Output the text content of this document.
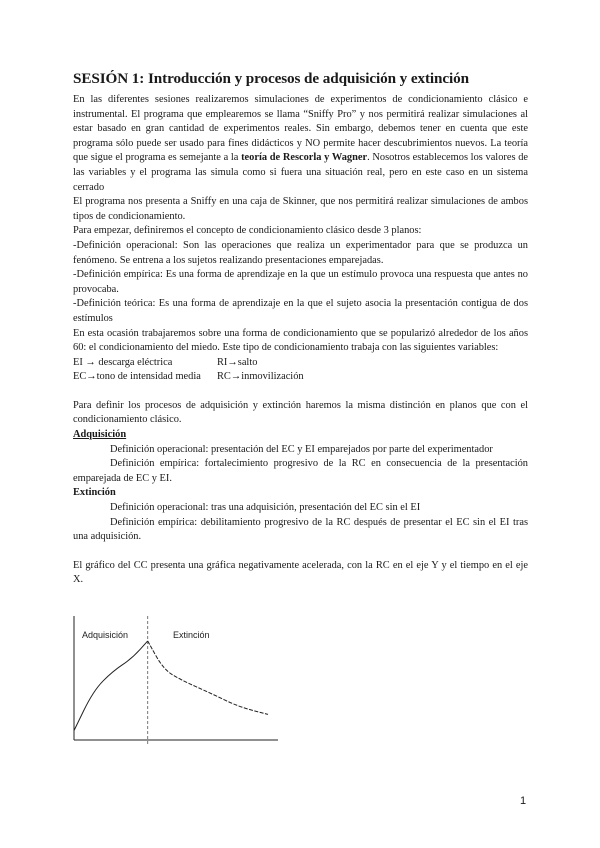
SESIÓN 1: Introducción y procesos de adquisición y extinción

En las diferentes sesiones realizaremos simulaciones de experimentos de condicionamiento clásico e instrumental. El programa que emplearemos se llama “Sniffy Pro” y nos permitirá realizar simulaciones al estar basado en gran cantidad de experimentos reales. Sin embargo, debemos tener en cuenta que este programa sólo puede ser usado para fines didácticos y NO permite hacer descubrimientos nuevos. La teoría que sigue el programa es semejante a la teoría de Rescorla y Wagner. Nosotros establecemos los valores de las variables y el programa las simula como si fuera una situación real, pero en este caso en un sistema cerrado

El programa nos presenta a Sniffy en una caja de Skinner, que nos permitirá realizar simulaciones de ambos tipos de condicionamiento.

Para empezar, definiremos el concepto de condicionamiento clásico desde 3 planos:

-Definición operacional: Son las operaciones que realiza un experimentador para que se produzca un fenómeno. Se entrena a los sujetos realizando presentaciones emparejadas.

-Definición empírica: Es una forma de aprendizaje en la que un estímulo provoca una respuesta que antes no provocaba.

-Definición teórica: Es una forma de aprendizaje en la que el sujeto asocia la presentación contigua de dos estímulos

En esta ocasión trabajaremos sobre una forma de condicionamiento que se popularizó alrededor de los años 60: el condicionamiento del miedo. Este tipo de condicionamiento trabaja con las siguientes variables:

EI → descarga eléctrica	RI→salto
EC→tono de intensidad media	RC→inmovilización

Para definir los procesos de adquisición y extinción haremos la misma distinción en planos que con el condicionamiento clásico.

Adquisición

Definición operacional: presentación del EC y EI emparejados por parte del experimentador

Definición empírica: fortalecimiento progresivo de la RC en consecuencia de la presentación emparejada de EC y EI.

Extinción

Definición operacional: tras una adquisición, presentación del EC sin el EI

Definición empírica: debilitamiento progresivo de la RC después de presentar el EC sin el EI tras una adquisición.

El gráfico del CC presenta una gráfica negativamente acelerada, con la RC en el eje Y y el tiempo en el eje X.

Adquisición	Extinción
1
